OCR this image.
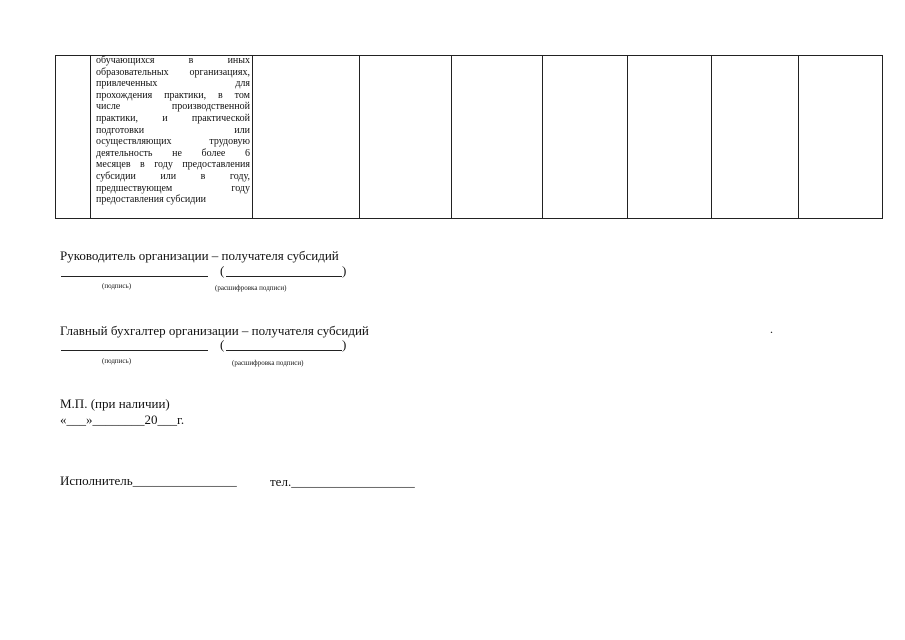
обучающихся в иных
образовательных организациях,
привлеченных для
прохождения практики, в том
числе производственной
практики, и практической
подготовки или
осуществляющих трудовую
деятельность не более 6
месяцев в году предоставления
субсидии или в году,
предшествующем году
предоставления субсидии
Руководитель организации – получателя субсидий
(	)
(подпись)	(расшифровка подписи)
Главный бухгалтер организации – получателя субсидий	.
(	)
(подпись)	(расшифровка подписи)
М.П. (при наличии)
«___»________20___г.
Исполнитель________________	тел.___________________
